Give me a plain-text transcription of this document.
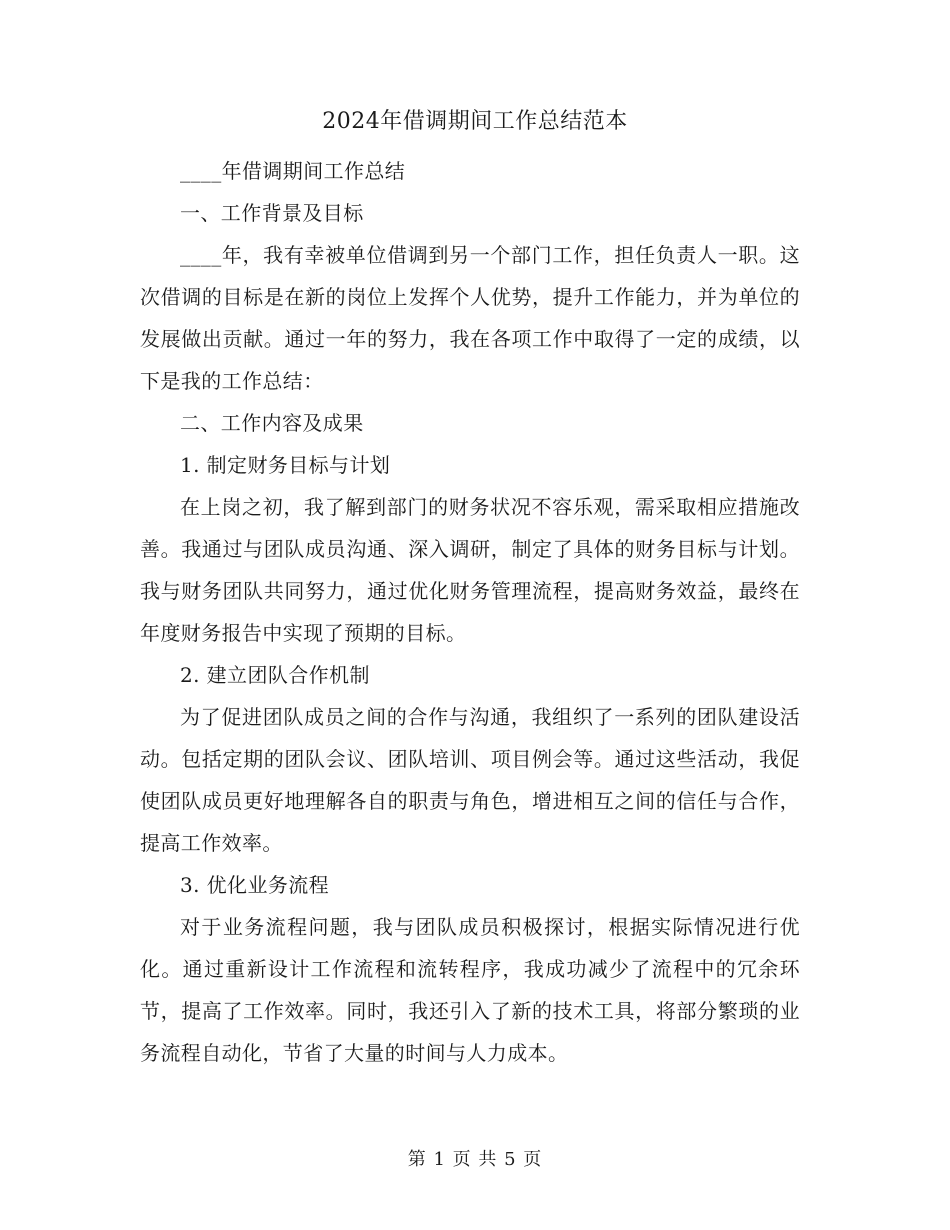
2024年借调期间工作总结范本

____年借调期间工作总结

一、工作背景及目标

____年，我有幸被单位借调到另一个部门工作，担任负责人一职。这次借调的目标是在新的岗位上发挥个人优势，提升工作能力，并为单位的发展做出贡献。通过一年的努力，我在各项工作中取得了一定的成绩，以下是我的工作总结：

二、工作内容及成果

1. 制定财务目标与计划

在上岗之初，我了解到部门的财务状况不容乐观，需采取相应措施改善。我通过与团队成员沟通、深入调研，制定了具体的财务目标与计划。我与财务团队共同努力，通过优化财务管理流程，提高财务效益，最终在年度财务报告中实现了预期的目标。

2. 建立团队合作机制

为了促进团队成员之间的合作与沟通，我组织了一系列的团队建设活动。包括定期的团队会议、团队培训、项目例会等。通过这些活动，我促使团队成员更好地理解各自的职责与角色，增进相互之间的信任与合作，提高工作效率。

3. 优化业务流程

对于业务流程问题，我与团队成员积极探讨，根据实际情况进行优化。通过重新设计工作流程和流转程序，我成功减少了流程中的冗余环节，提高了工作效率。同时，我还引入了新的技术工具，将部分繁琐的业务流程自动化，节省了大量的时间与人力成本。

第 1 页 共 5 页
